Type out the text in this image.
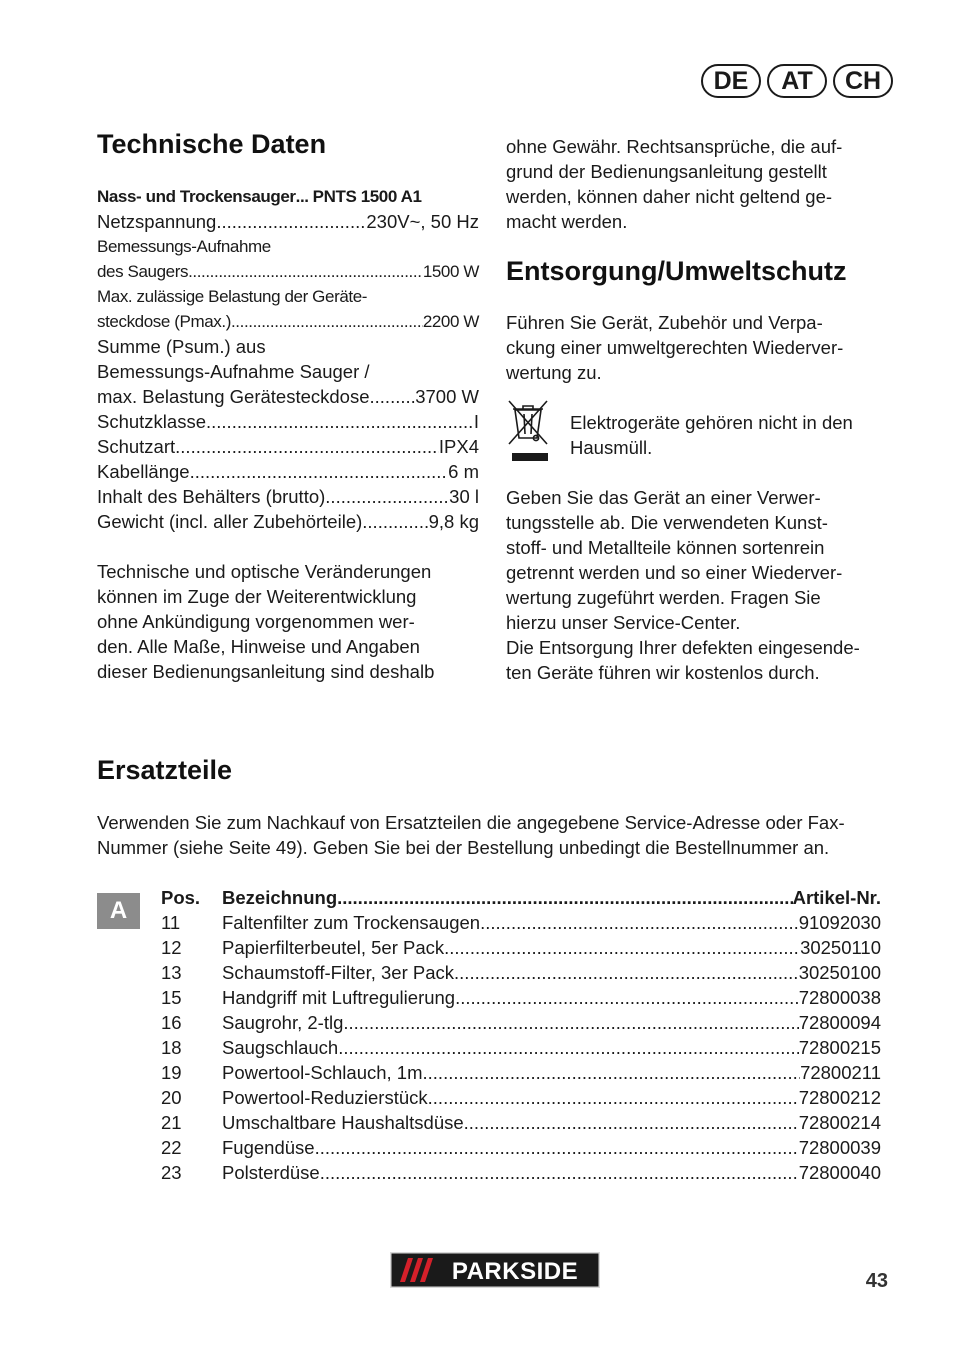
DE	AT	CH
Technische Daten
Nass- und Trockensauger ... PNTS 1500 A1
Netzspannung .....	230V~, 50 Hz

Bemessungs-Aufnahme

des Saugers .....	1500 W

Max. zulässige Belastung der Geräte-

steckdose (Pmax.) .....	2200 W

Summe (Psum.) aus

Bemessungs-Aufnahme Sauger /

max. Belastung Gerätesteckdose ..... 3700 W
Schutzklasse .....	I
Schutzart .....	IPX4
Kabellänge .....	6 m
Inhalt des Behälters (brutto) .....	30 l
Gewicht (incl. aller Zubehörteile) .....	9,8 kg

Technische und optische Veränderungen

können im Zuge der Weiterentwicklung

ohne Ankündigung vorgenommen wer-

den. Alle Maße, Hinweise und Angaben

dieser Bedienungsanleitung sind deshalb

ohne Gewähr. Rechtsansprüche, die auf-

grund der Bedienungsanleitung gestellt

werden, können daher nicht geltend ge-

macht werden.

Entsorgung/Umweltschutz

Führen Sie Gerät, Zubehör und Verpa-

ckung einer umweltgerechten Wiederver-

wertung zu.

Elektrogeräte gehören nicht in den

Hausmüll.

Geben Sie das Gerät an einer Verwer-

tungsstelle ab. Die verwendeten Kunst-

stoff- und Metallteile können sortenrein

getrennt werden und so einer Wiederver-

wertung zugeführt werden. Fragen Sie

hierzu unser Service-Center.

Die Entsorgung Ihrer defekten eingesende-

ten Geräte führen wir kostenlos durch.

Ersatzteile

Verwenden Sie zum Nachkauf von Ersatzteilen die angegebene Service-Adresse oder Fax-

Nummer (siehe Seite 49). Geben Sie bei der Bestellung unbedingt die Bestellnummer an.

A	Pos.	Bezeichnung .....	Artikel-Nr.
11	Faltenfilter zum Trockensaugen .....	91092030
12	Papierfilterbeutel, 5er Pack .....	30250110
13	Schaumstoff-Filter, 3er Pack .....	30250100
15	Handgriff mit Luftregulierung .....	72800038
16	Saugrohr, 2-tlg. .....	72800094
18	Saugschlauch .....	72800215
19	Powertool-Schlauch, 1m .....	72800211
20	Powertool-Reduzierstück .....	72800212
21	Umschaltbare Haushaltsdüse .....	72800214
22	Fugendüse .....	72800039
23	Polsterdüse .....	72800040
PARKSIDE	43
